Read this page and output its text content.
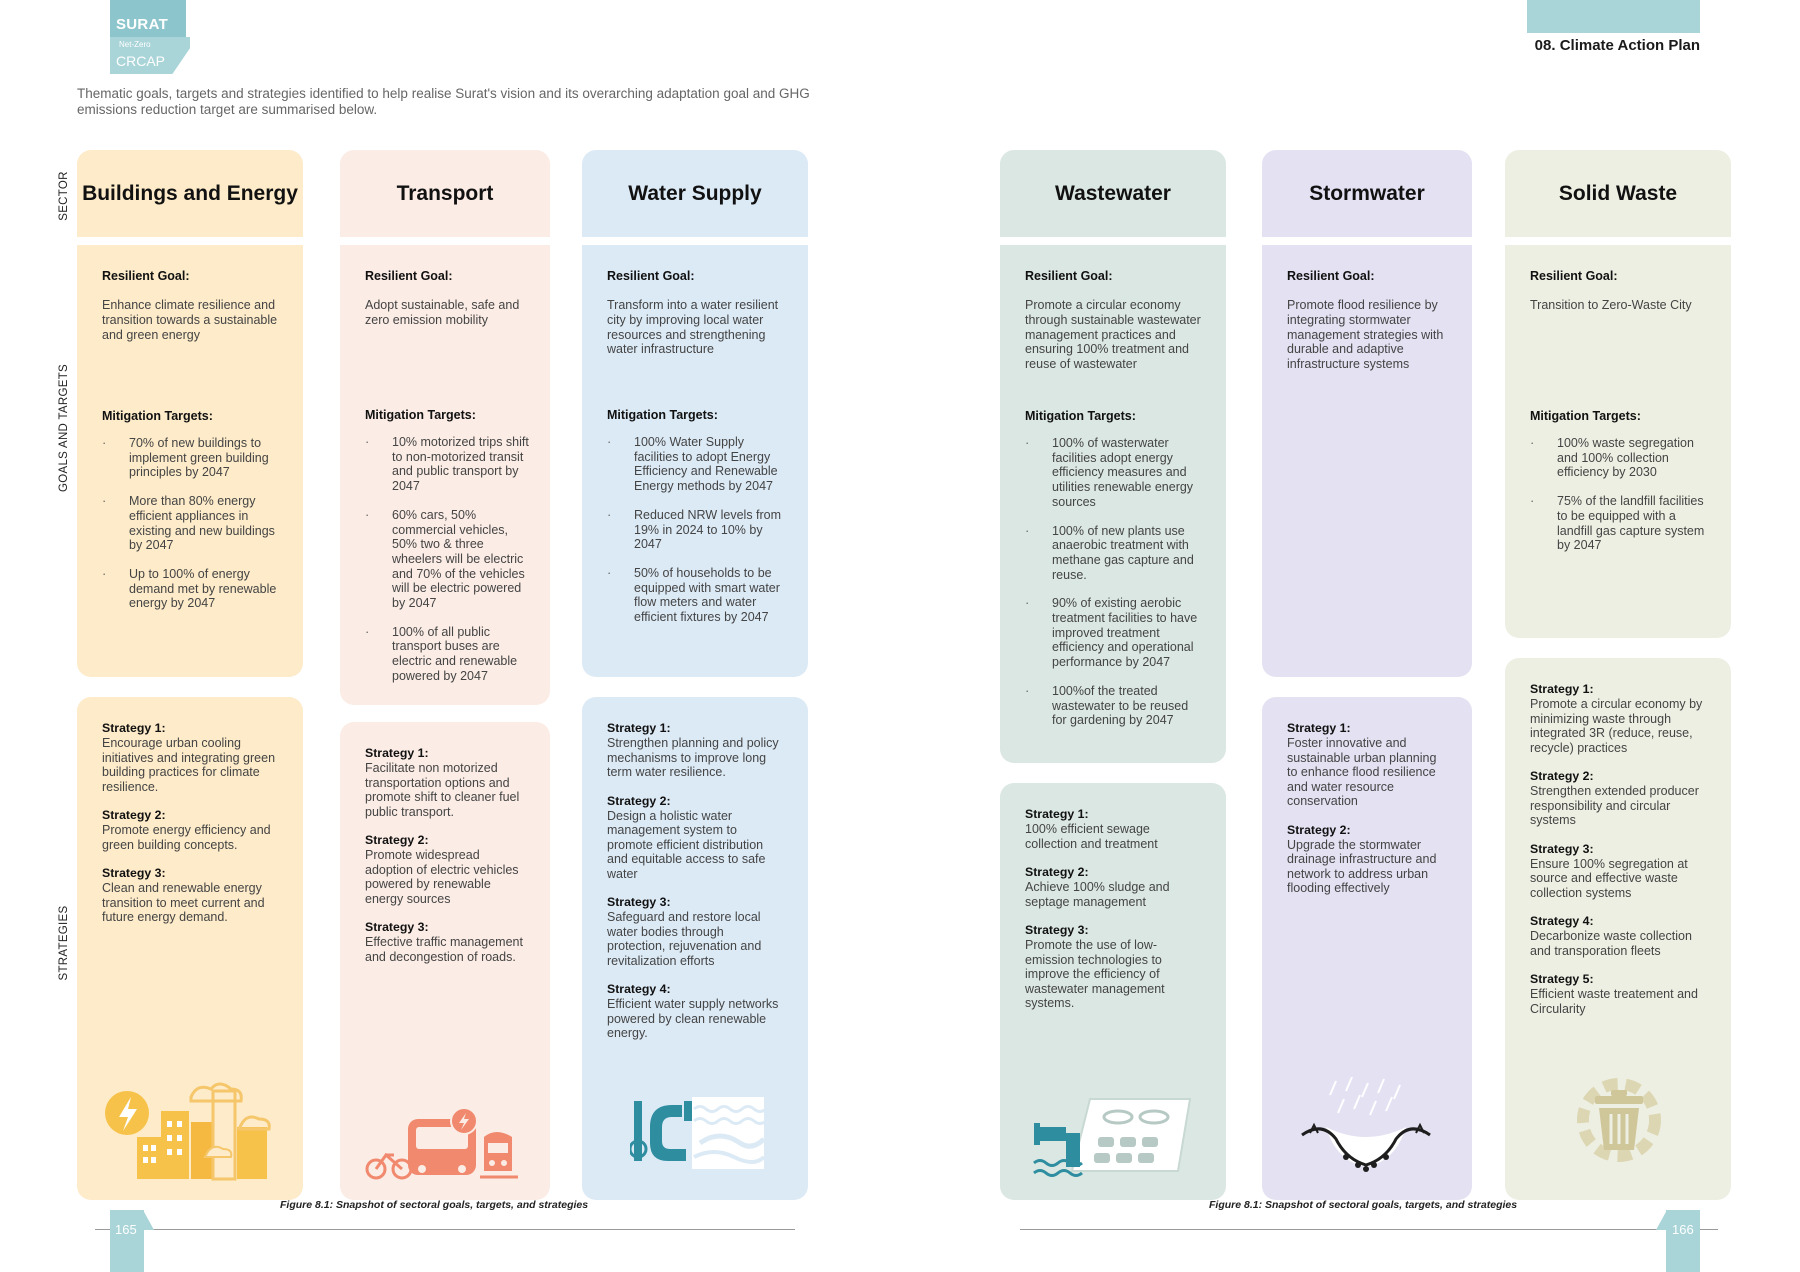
SURAT
Net-Zero
CRCAP
08. Climate Action Plan
Thematic goals, targets and strategies identified to help realise Surat's vision and its overarching adaptation goal and GHG emissions reduction target are summarised below.
SECTOR
GOALS AND TARGETS
STRATEGIES
Buildings and Energy
Resilient Goal:
Enhance climate resilience and transition towards a sustainable and green energy
Mitigation Targets:
· 70% of new buildings to implement green building principles by 2047
· More than 80% energy efficient appliances in existing and new buildings by 2047
· Up to 100% of energy demand met by renewable energy by 2047
Strategy 1:
Encourage urban cooling initiatives and integrating green building practices for climate resilience.
Strategy 2:
Promote energy efficiency and green building concepts.
Strategy 3:
Clean and renewable energy transition to meet current and future energy demand.
Transport
Resilient Goal:
Adopt sustainable, safe and zero emission mobility
Mitigation Targets:
· 10% motorized trips shift to non-motorized transit and public transport by 2047
· 60% cars, 50% commercial vehicles, 50% two & three wheelers will be electric and 70% of the vehicles will be electric powered by 2047
· 100% of all public transport buses are electric and renewable powered by 2047
Strategy 1:
Facilitate non motorized transportation options and promote shift to cleaner fuel public transport.
Strategy 2:
Promote widespread adoption of electric vehicles powered by renewable energy sources
Strategy 3:
Effective traffic management and decongestion of roads.
Water Supply
Resilient Goal:
Transform into a water resilient city by improving local water resources and strengthening water infrastructure
Mitigation Targets:
· 100% Water Supply facilities to adopt Energy Efficiency and Renewable Energy methods by 2047
· Reduced NRW levels from 19% in 2024 to 10% by 2047
· 50% of households to be equipped with smart water flow meters and water efficient fixtures by 2047
Strategy 1:
Strengthen planning and policy mechanisms to improve long term water resilience.
Strategy 2:
Design a holistic water management system to promote efficient distribution and equitable access to safe water
Strategy 3:
Safeguard and restore local water bodies through protection, rejuvenation and revitalization efforts
Strategy 4:
Efficient water supply networks powered by clean renewable energy.
Wastewater
Resilient Goal:
Promote a circular economy through sustainable wastewater management practices and ensuring 100% treatment and reuse of wastewater
Mitigation Targets:
· 100% of wasterwater facilities adopt energy efficiency measures and utilities renewable energy sources
· 100% of new plants use anaerobic treatment with methane gas capture and reuse.
· 90% of existing aerobic treatment facilities to have improved treatment efficiency and operational performance by 2047
· 100%of the treated wastewater to be reused for gardening by 2047
Strategy 1:
100% efficient sewage collection and treatment
Strategy 2:
Achieve 100% sludge and septage management
Strategy 3:
Promote the use of low-emission technologies to improve the efficiency of wastewater management systems.
Stormwater
Resilient Goal:
Promote flood resilience by integrating stormwater management strategies with durable and adaptive infrastructure systems
Strategy 1:
Foster innovative and sustainable urban planning to enhance flood resilience and water resource conservation
Strategy 2:
Upgrade the stormwater drainage infrastructure and network to address urban flooding effectively
Solid Waste
Resilient Goal:
Transition to Zero-Waste City
Mitigation Targets:
· 100% waste segregation and 100% collection efficiency by 2030
· 75% of the landfill facilities to be equipped with a landfill gas capture system by 2047
Strategy 1:
Promote a circular economy by minimizing waste through integrated 3R (reduce, reuse, recycle) practices
Strategy 2:
Strengthen extended producer responsibility and circular systems
Strategy 3:
Ensure 100% segregation at source and effective waste collection systems
Strategy 4:
Decarbonize waste collection and transporation fleets
Strategy 5:
Efficient waste treatement and Circularity
Figure 8.1: Snapshot of sectoral goals, targets, and strategies	Figure 8.1: Snapshot of sectoral goals, targets, and strategies
165	166
